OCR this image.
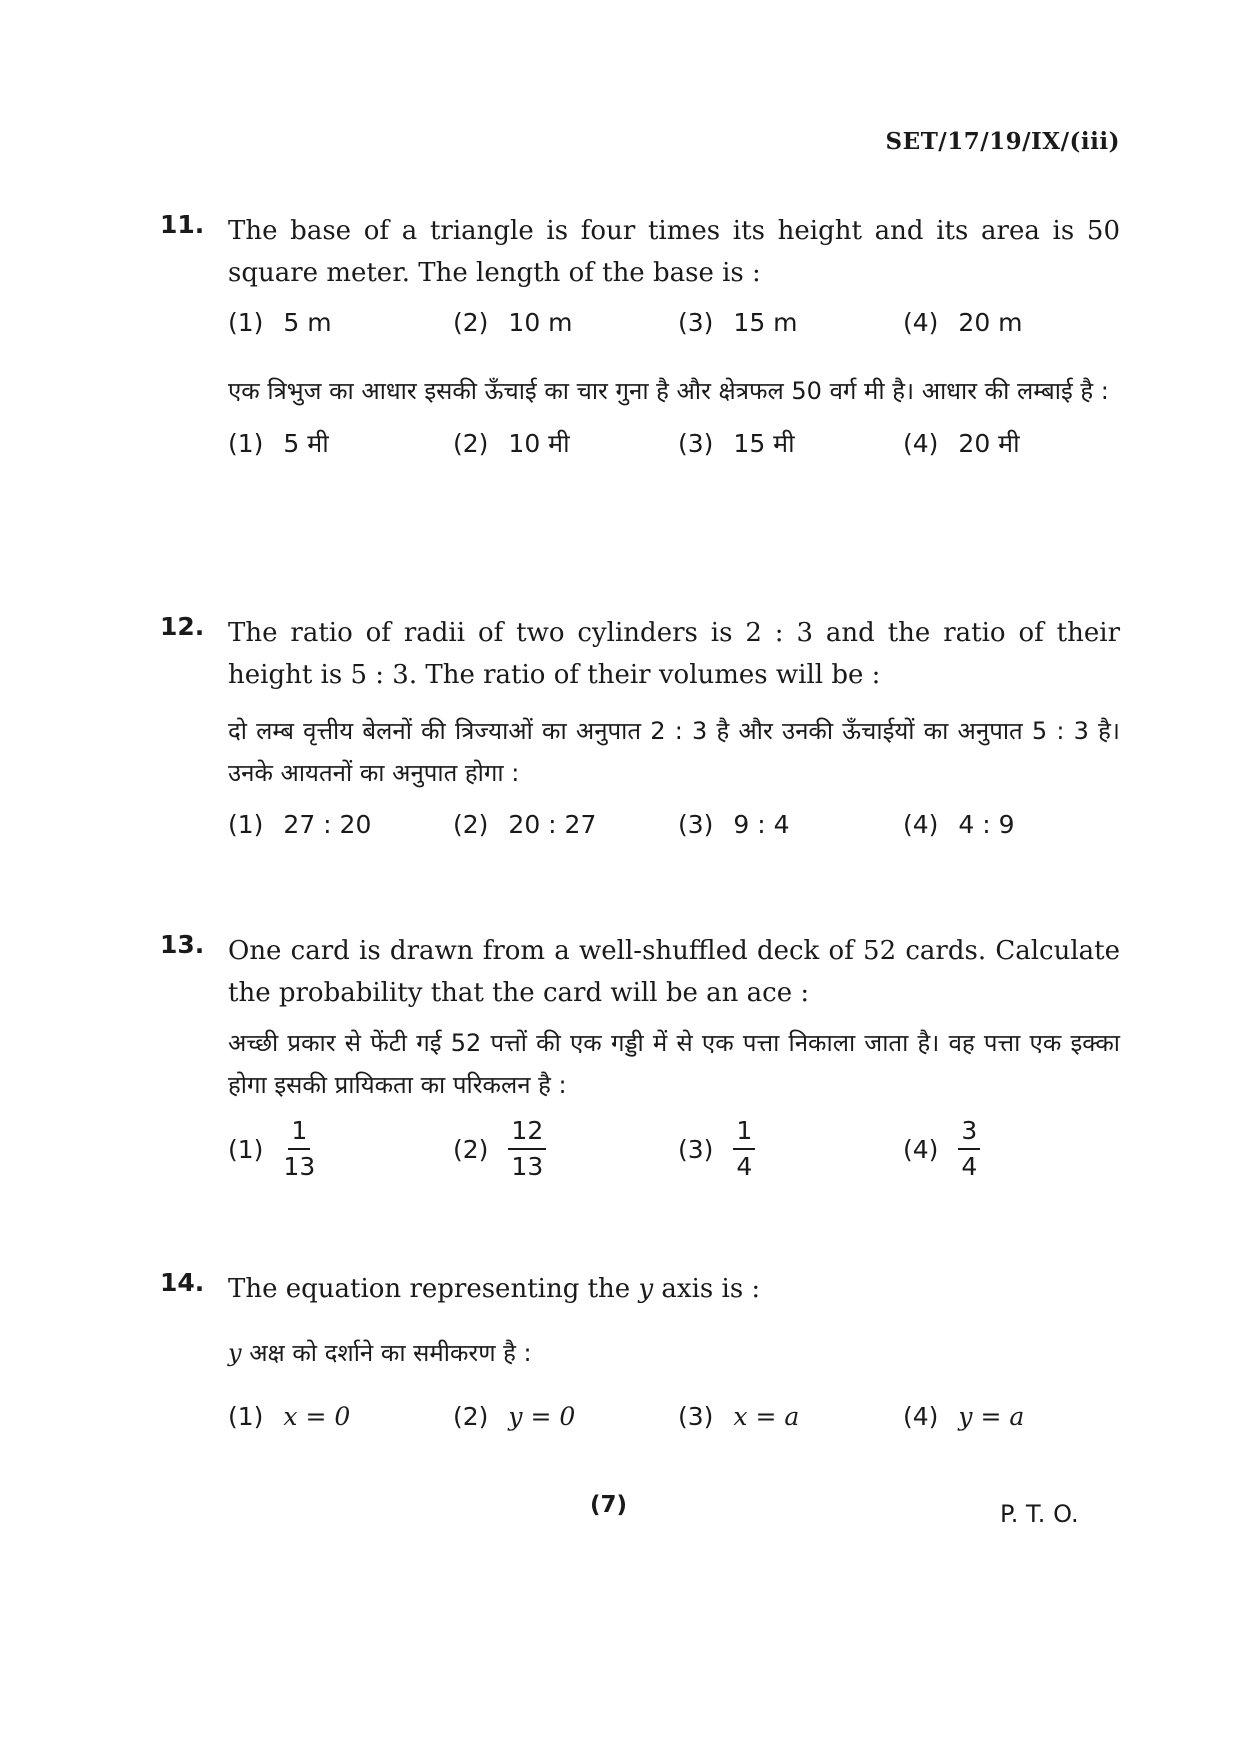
SET/17/19/IX/(iii)
11. The base of a triangle is four times its height and its area is 50 square meter. The length of the base is :

(1) 5 m	(2) 10 m	(3) 15 m	(4) 20 m

एक त्रिभुज का आधार इसकी ऊँचाई का चार गुना है और क्षेत्रफल 50 वर्ग मी है। आधार की लम्बाई है :

(1) 5 मी	(2) 10 मी	(3) 15 मी	(4) 20 मी
12. The ratio of radii of two cylinders is 2 : 3 and the ratio of their height is 5 : 3. The ratio of their volumes will be :

दो लम्ब वृत्तीय बेलनों की त्रिज्याओं का अनुपात 2 : 3 है और उनकी ऊँचाईयों का अनुपात 5 : 3 है। उनके आयतनों का अनुपात होगा :

(1) 27 : 20	(2) 20 : 27	(3) 9 : 4	(4) 4 : 9
13. One card is drawn from a well-shuffled deck of 52 cards. Calculate the probability that the card will be an ace :

अच्छी प्रकार से फेंटी गई 52 पत्तों की एक गड्डी में से एक पत्ता निकाला जाता है। वह पत्ता एक इक्का होगा इसकी प्रायिकता का परिकलन है :

$(1) \frac{1}{13}$	$(2) \frac{12}{13}$	$(3) \frac{1}{4}$	$(4) \frac{3}{4}$
14. The equation representing the y axis is :

y अक्ष को दर्शाने का समीकरण है :

(1) x = 0	(2) y = 0	(3) x = a	(4) y = a
(7)	P. T. O.
